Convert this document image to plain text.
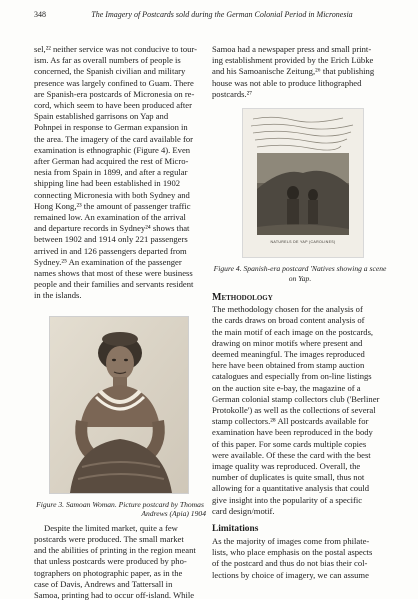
348	The Imagery of Postcards sold during the German Colonial Period in Micronesia
sel,²² neither service was not conducive to tour-
ism. As far as overall numbers of people is
concerned, the Spanish civilian and military
presence was largely confined to Guam. There
are Spanish-era postcards of Micronesia on re-
cord, which seem to have been produced after
Spain established garrisons on Yap and
Pohnpei in response to German expansion in
the area. The imagery of the card available for
examination is ethnographic (Figure 4). Even
after German had acquired the rest of Micro-
nesia from Spain in 1899, and after a regular
shipping line had been established in 1902
connecting Micronesia with both Sydney and
Hong Kong,²³ the amount of passenger traffic
remained low. An examination of the arrival
and departure records in Sydney²⁴ shows that
between 1902 and 1914 only 221 passengers
arrived in and 126 passengers departed from
Sydney.²⁵ An examination of the passenger
names shows that most of these were business
people and their families and servants resident
in the islands.
Figure 3. Samoan Woman. Picture postcard by Thomas
Andrews (Apia) 1904
Despite the limited market, quite a few
postcards were produced. The small market
and the abilities of printing in the region meant
that unless postcards were produced by pho-
tographers on photographic paper, as in the
case of Davis, Andrews and Tattersall in
Samoa, printing had to occur off-island. While
Samoa had a newspaper press and small print-
ing establishment provided by the Erich Lübke
and his Samoanische Zeitung,²⁶ that publishing
house was not able to produce lithographed
postcards.²⁷
NATURELS DE YAP (CAROLINES)
Figure 4. Spanish-era postcard 'Natives showing a scene
on Yap.
Methodology
The methodology chosen for the analysis of
the cards draws on broad content analysis of
the main motif of each image on the postcards,
drawing on minor motifs where present and
deemed meaningful. The images reproduced
here have been obtained from stamp auction
catalogues and especially from on-line listings
on the auction site e-bay, the magazine of a
German colonial stamp collectors club ('Berliner
Protokolle') as well as the collections of several
stamp collectors.²⁸ All postcards available for
examination have been reproduced in the body
of this paper. For some cards multiple copies
were available. Of these the card with the best
image quality was reproduced. Overall, the
number of duplicates is quite small, thus not
allowing for a quantitative analysis that could
give insight into the popularity of a specific
card design/motif.
Limitations
As the majority of images come from philate-
lists, who place emphasis on the postal aspects
of the postcard and thus do not bias their col-
lections by choice of imagery, we can assume
